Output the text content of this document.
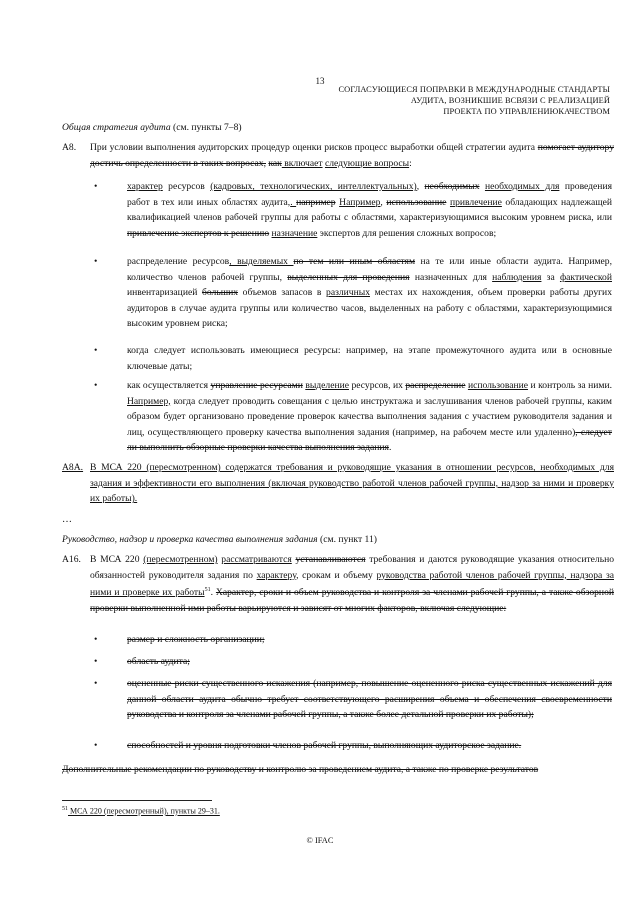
13
СОГЛАСУЮЩИЕСЯ ПОПРАВКИ В МЕЖДУНАРОДНЫЕ СТАНДАРТЫ
АУДИТА, ВОЗНИКШИЕ ВСВЯЗИ С РЕАЛИЗАЦИЕЙ
ПРОЕКТА ПО УПРАВЛЕНИЮКАЧЕСТВОМ
Общая стратегия аудита (см. пункты 7–8)
A8. При условии выполнения аудиторских процедур оценки рисков процесс выработки общей стратегии аудита помогает аудитору достичь определенности в таких вопросах, как включает следующие вопросы:
•	характер ресурсов (кадровых, технологических, интеллектуальных), необходимых необходимых для проведения работ в тех или иных областях аудита,. например Например, использование привлечение обладающих надлежащей квалификацией членов рабочей группы для работы с областями, характеризующимися высоким уровнем риска, или привлечение экспертов к решению назначение экспертов для решения сложных вопросов;
•	распределение ресурсов, выделяемых по тем или иным областям на те или иные области аудита. Например, количество членов рабочей группы, выделенных для проведения назначенных для наблюдения за фактической инвентаризацией больших объемов запасов в различных местах их нахождения, объем проверки работы других аудиторов в случае аудита группы или количество часов, выделенных на работу с областями, характеризующимися высоким уровнем риска;
•	когда следует использовать имеющиеся ресурсы: например, на этапе промежуточного аудита или в основные ключевые даты;
•	как осуществляется управление ресурсами выделение ресурсов, их распределение использование и контроль за ними. Например, когда следует проводить совещания с целью инструктажа и заслушивания членов рабочей группы, каким образом будет организовано проведение проверок качества выполнения задания с участием руководителя задания и лиц, осуществляющего проверку качества выполнения задания (например, на рабочем месте или удаленно), следует ли выполнить обзорные проверки качества выполнения задания.
A8A. В МСА 220 (пересмотренном) содержатся требования и руководящие указания в отношении ресурсов, необходимых для задания и эффективности его выполнения (включая руководство работой членов рабочей группы, надзор за ними и проверку их работы).
…
Руководство, надзор и проверка качества выполнения задания (см. пункт 11)
A16. В МСА 220 (пересмотренном) рассматриваются устанавливаются требования и даются руководящие указания относительно обязанностей руководителя задания по характеру, срокам и объему руководства работой членов рабочей группы, надзора за ними и проверке их работы$^{51}$. Характер, сроки и объем руководства и контроля за членами рабочей группы, а также обзорной проверки выполненной ими работы варьируются и зависят от многих факторов, включая следующие:
•	размер и сложность организации;
•	область аудита;
•	оцененные риски существенного искажения (например, повышение оцененного риска существенных искажений для данной области аудита обычно требует соответствующего расширения объема и обеспечения своевременности руководства и контроля за членами рабочей группы, а также более детальной проверки их работы);
•	способностей и уровня подготовки членов рабочей группы, выполняющих аудиторское задание.
Дополнительные рекомендации по руководству и контролю за проведением аудита, а также по проверке результатов
$^{51}$ МСА 220 (пересмотренный), пункты 29–31.
© IFAC
